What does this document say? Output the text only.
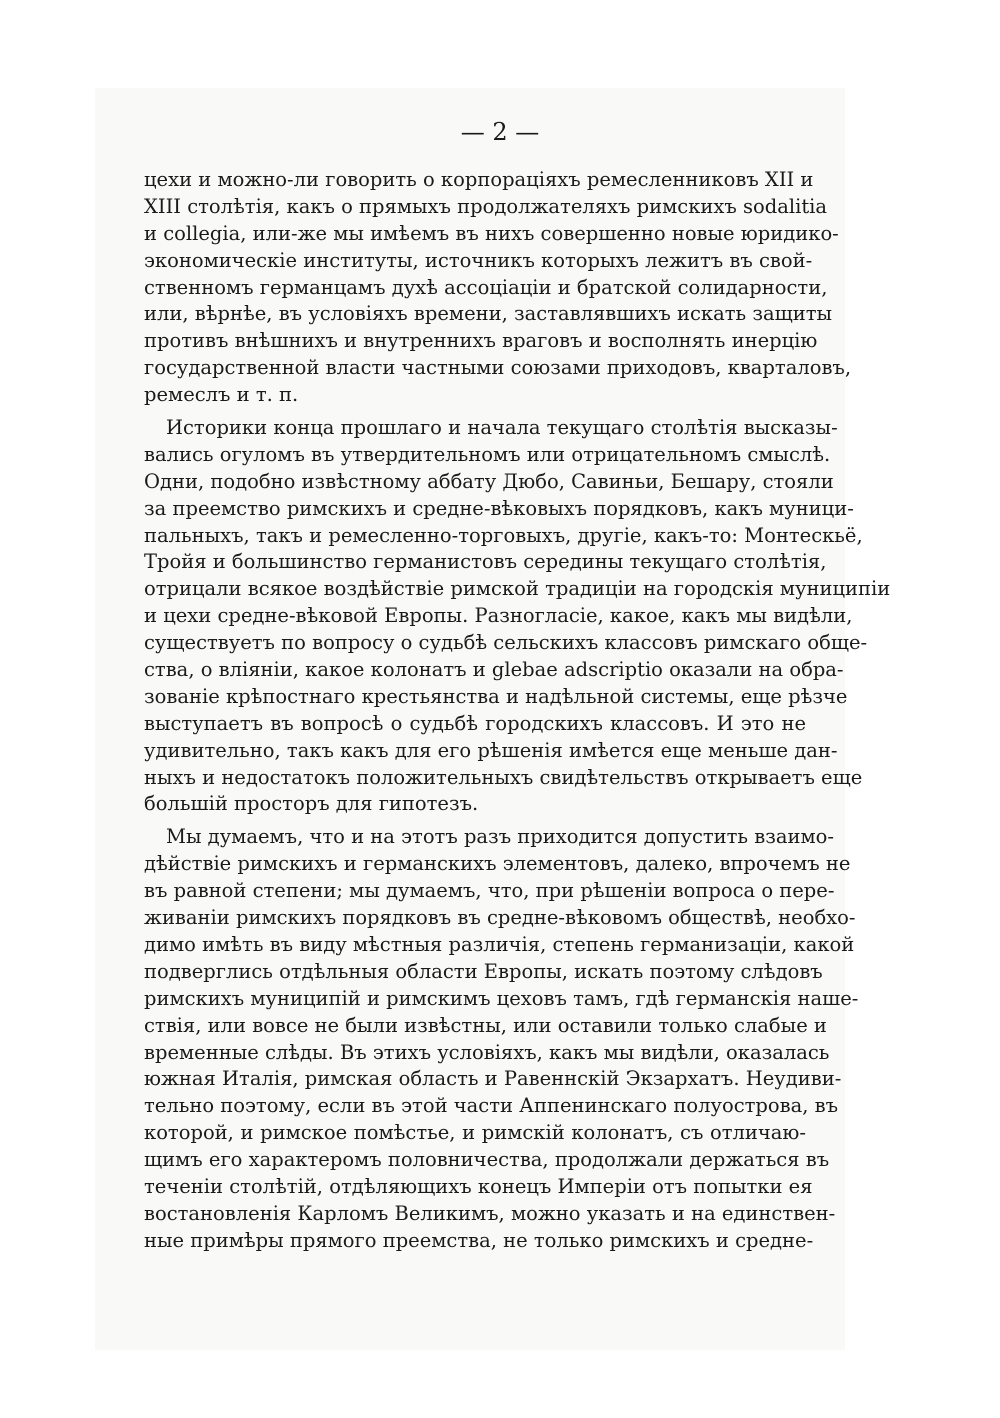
— 2 —
цехи и можно-ли говорить о корпораціяхъ ремесленниковъ XII и
XIII столѣтія, какъ о прямыхъ продолжателяхъ римскихъ sodalitia
и collegia, или-же мы имѣемъ въ нихъ совершенно новые юридико-
экономическіе институты, источникъ которыхъ лежитъ въ свой-
ственномъ германцамъ духѣ ассоціаціи и братской солидарности,
или, вѣрнѣе, въ условіяхъ времени, заставлявшихъ искать защиты
противъ внѣшнихъ и внутреннихъ враговъ и восполнять инерцію
государственной власти частными союзами приходовъ, кварталовъ,
ремеслъ и т. п.
Историки конца прошлаго и начала текущаго столѣтія высказы-
вались огуломъ въ утвердительномъ или отрицательномъ смыслѣ.
Одни, подобно извѣстному аббату Дюбо, Савиньи, Бешару, стояли
за преемство римскихъ и средне-вѣковыхъ порядковъ, какъ муници-
пальныхъ, такъ и ремесленно-торговыхъ, другіе, какъ-то: Монтескьё,
Тройя и большинство германистовъ середины текущаго столѣтія,
отрицали всякое воздѣйствіе римской традиціи на городскія муниципіи
и цехи средне-вѣковой Европы. Разногласіе, какое, какъ мы видѣли,
существуетъ по вопросу о судьбѣ сельскихъ классовъ римскаго обще-
ства, о вліяніи, какое колонатъ и glebae adscriptio оказали на обра-
зованіе крѣпостнаго крестьянства и надѣльной системы, еще рѣзче
выступаетъ въ вопросѣ о судьбѣ городскихъ классовъ. И это не
удивительно, такъ какъ для его рѣшенія имѣется еще меньше дан-
ныхъ и недостатокъ положительныхъ свидѣтельствъ открываетъ еще
большій просторъ для гипотезъ.
Мы думаемъ, что и на этотъ разъ приходится допустить взаимо-
дѣйствіе римскихъ и германскихъ элементовъ, далеко, впрочемъ не
въ равной степени; мы думаемъ, что, при рѣшеніи вопроса о пере-
живаніи римскихъ порядковъ въ средне-вѣковомъ обществѣ, необхо-
димо имѣть въ виду мѣстныя различія, степень германизаціи, какой
подверглись отдѣльныя области Европы, искать поэтому слѣдовъ
римскихъ муниципій и римскимъ цеховъ тамъ, гдѣ германскія наше-
ствія, или вовсе не были извѣстны, или оставили только слабые и
временные слѣды. Въ этихъ условіяхъ, какъ мы видѣли, оказалась
южная Италія, римская область и Равеннскій Экзархатъ. Неудиви-
тельно поэтому, если въ этой части Аппенинскаго полуострова, въ
которой, и римское помѣстье, и римскій колонатъ, съ отличаю-
щимъ его характеромъ половничества, продолжали держаться въ
теченіи столѣтій, отдѣляющихъ конецъ Имперіи отъ попытки ея
востановленія Карломъ Великимъ, можно указать и на единствен-
ные примѣры прямого преемства, не только римскихъ и средне-
